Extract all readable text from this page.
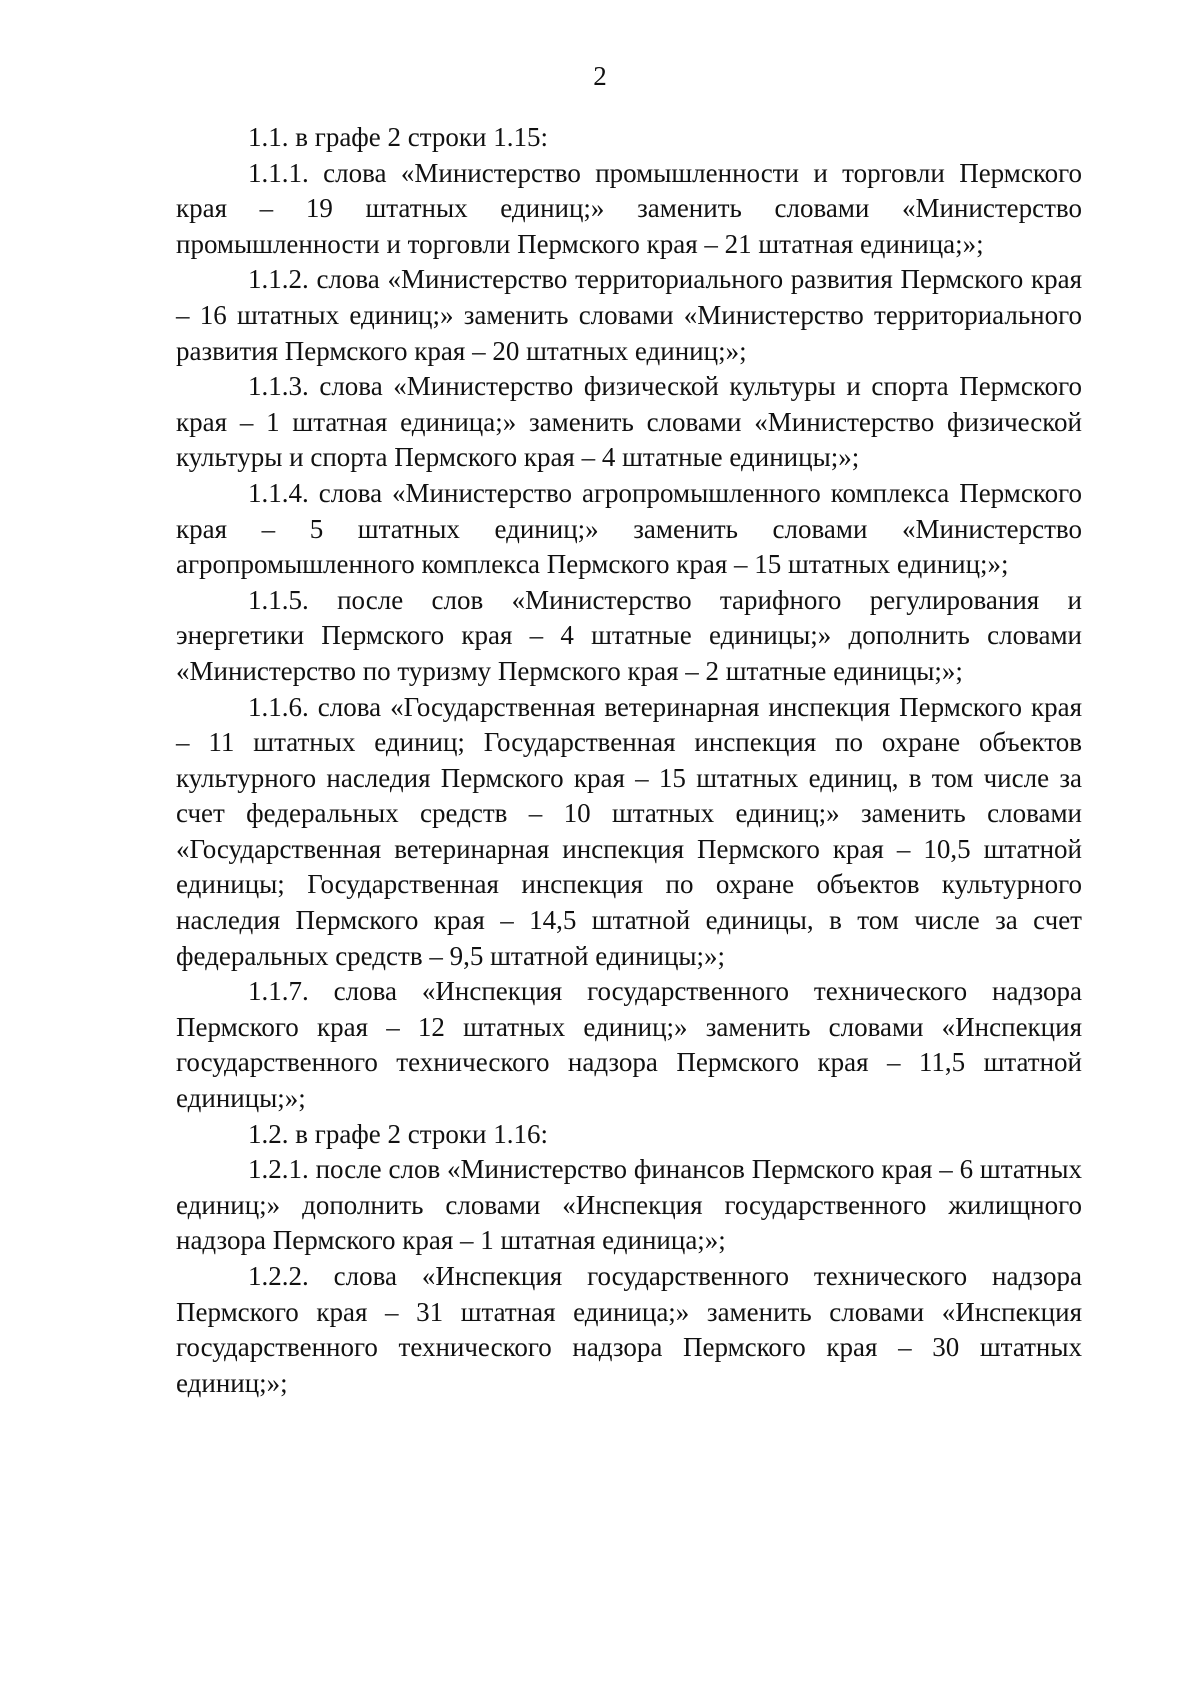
2

1.1. в графе 2 строки 1.15:

1.1.1. слова «Министерство промышленности и торговли Пермского края – 19 штатных единиц;» заменить словами «Министерство промышленности и торговли Пермского края – 21 штатная единица;»;

1.1.2. слова «Министерство территориального развития Пермского края – 16 штатных единиц;» заменить словами «Министерство территориального развития Пермского края – 20 штатных единиц;»;

1.1.3. слова «Министерство физической культуры и спорта Пермского края – 1 штатная единица;» заменить словами «Министерство физической культуры и спорта Пермского края – 4 штатные единицы;»;

1.1.4. слова «Министерство агропромышленного комплекса Пермского края – 5 штатных единиц;» заменить словами «Министерство агропромышленного комплекса Пермского края – 15 штатных единиц;»;

1.1.5. после слов «Министерство тарифного регулирования и энергетики Пермского края – 4 штатные единицы;» дополнить словами «Министерство по туризму Пермского края – 2 штатные единицы;»;

1.1.6. слова «Государственная ветеринарная инспекция Пермского края – 11 штатных единиц; Государственная инспекция по охране объектов культурного наследия Пермского края – 15 штатных единиц, в том числе за счет федеральных средств – 10 штатных единиц;» заменить словами «Государственная ветеринарная инспекция Пермского края – 10,5 штатной единицы; Государственная инспекция по охране объектов культурного наследия Пермского края – 14,5 штатной единицы, в том числе за счет федеральных средств – 9,5 штатной единицы;»;

1.1.7. слова «Инспекция государственного технического надзора Пермского края – 12 штатных единиц;» заменить словами «Инспекция государственного технического надзора Пермского края – 11,5 штатной единицы;»;

1.2. в графе 2 строки 1.16:

1.2.1. после слов «Министерство финансов Пермского края – 6 штатных единиц;» дополнить словами «Инспекция государственного жилищного надзора Пермского края – 1 штатная единица;»;

1.2.2. слова «Инспекция государственного технического надзора Пермского края – 31 штатная единица;» заменить словами «Инспекция государственного технического надзора Пермского края – 30 штатных единиц;»;
